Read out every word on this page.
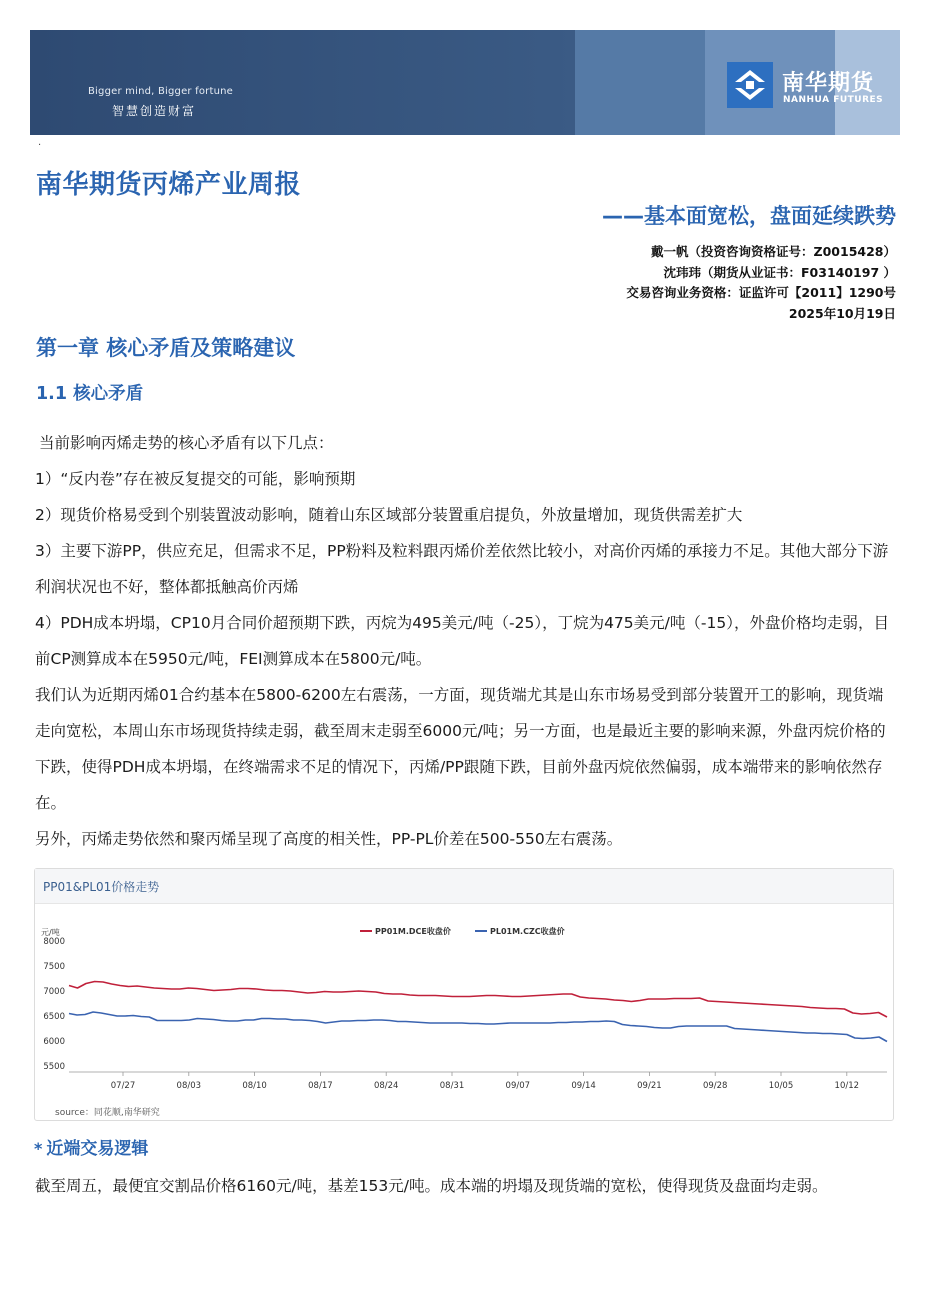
Bigger mind, Bigger fortune
智慧创造财富
南华期货
NANHUA FUTURES
.
南华期货丙烯产业周报
——基本面宽松，盘面延续跌势
戴一帆（投资咨询资格证号：Z0015428）
沈玮玮（期货从业证书：F03140197 ）
交易咨询业务资格：证监许可【2011】1290号
2025年10月19日
第一章 核心矛盾及策略建议
1.1 核心矛盾

当前影响丙烯走势的核心矛盾有以下几点：

1）“反内卷”存在被反复提交的可能，影响预期

2）现货价格易受到个别装置波动影响，随着山东区域部分装置重启提负，外放量增加，现货供需差扩大

3）主要下游PP，供应充足，但需求不足，PP粉料及粒料跟丙烯价差依然比较小，对高价丙烯的承接力不足。其他大部分下游利润状况也不好，整体都抵触高价丙烯

4）PDH成本坍塌，CP10月合同价超预期下跌，丙烷为495美元/吨（-25），丁烷为475美元/吨（-15），外盘价格均走弱，目前CP测算成本在5950元/吨，FEI测算成本在5800元/吨。

我们认为近期丙烯01合约基本在5800-6200左右震荡，一方面，现货端尤其是山东市场易受到部分装置开工的影响，现货端走向宽松，本周山东市场现货持续走弱，截至周末走弱至6000元/吨；另一方面，也是最近主要的影响来源，外盘丙烷价格的下跌，使得PDH成本坍塌，在终端需求不足的情况下，丙烯/PP跟随下跌，目前外盘丙烷依然偏弱，成本端带来的影响依然存在。

另外，丙烯走势依然和聚丙烯呈现了高度的相关性，PP-PL价差在500-550左右震荡。

PP01&PL01价格走势
元/吨
8000
7500
7000
6500
6000
5500
07/27	08/03	08/10	08/17	08/24	08/31	09/07	09/14	09/21	09/28	10/05	10/12
PP01M.DCE收盘价	PL01M.CZC收盘价
source：同花顺,南华研究
* 近端交易逻辑

截至周五，最便宜交割品价格6160元/吨，基差153元/吨。成本端的坍塌及现货端的宽松，使得现货及盘面均走弱。
